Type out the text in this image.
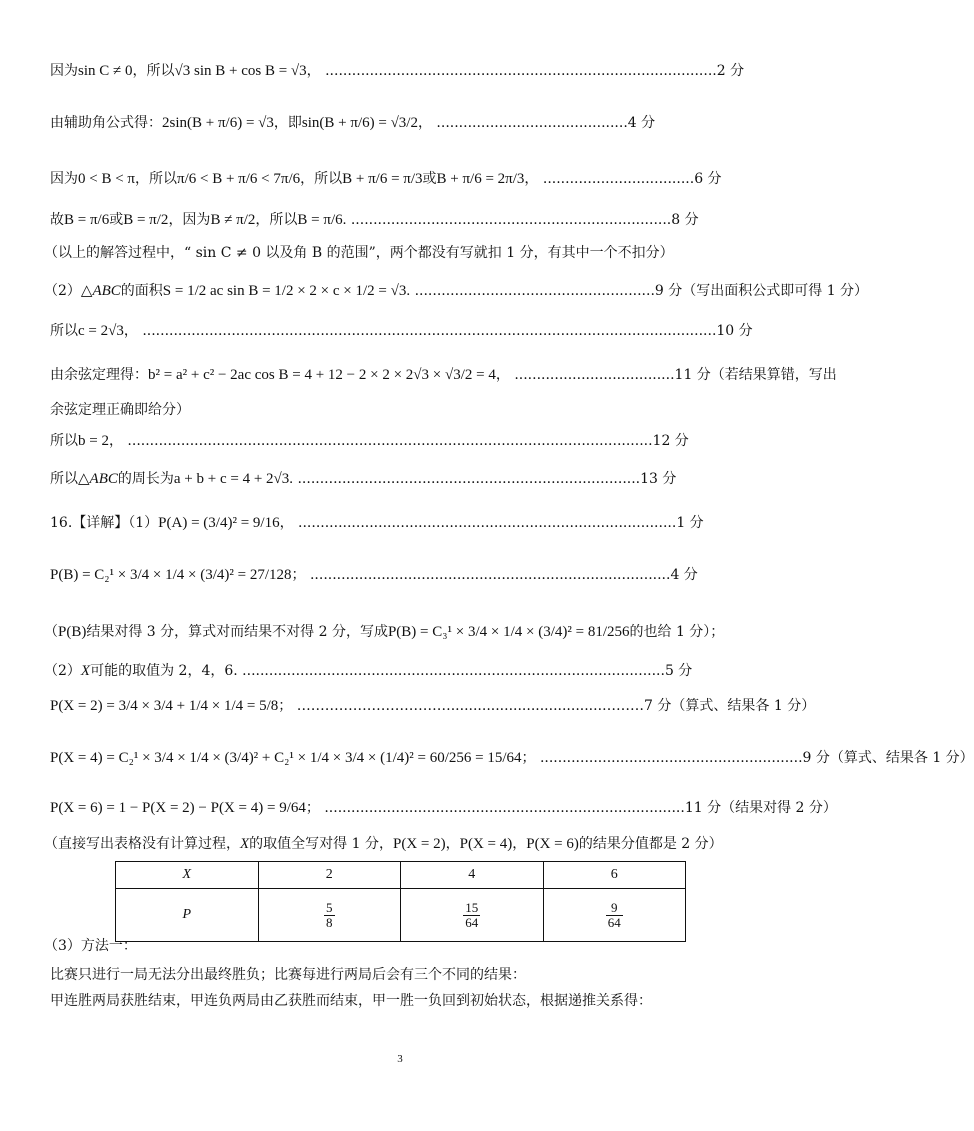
因为sin C ≠ 0，所以√3 sin B + cos B = √3， ........................................................................................2 分
由辅助角公式得：2sin(B + π/6) = √3，即sin(B + π/6) = √3/2， ...........................................4 分
因为0 < B < π，所以π/6 < B + π/6 < 7π/6，所以B + π/6 = π/3或B + π/6 = 2π/3， ..................................6 分
故B = π/6或B = π/2，因为B ≠ π/2，所以B = π/6. ........................................................................8 分
（以上的解答过程中，“ sin C ≠ 0 以及角 B 的范围”，两个都没有写就扣 1 分，有其中一个不扣分）
（2）△ABC的面积S = 1/2 ac sin B = 1/2 × 2 × c × 1/2 = √3. ......................................................9 分（写出面积公式即可得 1 分）
所以c = 2√3， .................................................................................................................................10 分
由余弦定理得：b² = a² + c² − 2ac cos B = 4 + 12 − 2 × 2 × 2√3 × √3/2 = 4， ....................................11 分（若结果算错，写出
余弦定理正确即给分）
所以b = 2， ......................................................................................................................12 分
所以△ABC的周长为a + b + c = 4 + 2√3. .............................................................................13 分
16.【详解】（1）P(A) = (3/4)² = 9/16， .....................................................................................1 分
P(B) = C₂¹ × 3/4 × 1/4 × (3/4)² = 27/128； .................................................................................4 分
（P(B)结果对得 3 分，算式对而结果不对得 2 分，写成P(B) = C₃¹ × 3/4 × 1/4 × (3/4)² = 81/256的也给 1 分）；
（2）X可能的取值为 2，4，6. ...............................................................................................5 分
P(X = 2) = 3/4 × 3/4 + 1/4 × 1/4 = 5/8； ……………………………..................................………7 分（算式、结果各 1 分）
P(X = 4) = C₂¹ × 3/4 × 1/4 × (3/4)² + C₂¹ × 1/4 × 3/4 × (1/4)² = 60/256 = 15/64； ...........................................................9 分（算式、结果各 1 分）
P(X = 6) = 1 − P(X = 2) − P(X = 4) = 9/64； .................................................................................11 分（结果对得 2 分）
（直接写出表格没有计算过程，X的取值全写对得 1 分，P(X = 2)，P(X = 4)，P(X = 6)的结果分值都是 2 分）
X	2	4	6
P	$\frac{5}{8}$	$\frac{15}{64}$	$\frac{9}{64}$
（3）方法一：
比赛只进行一局无法分出最终胜负；比赛每进行两局后会有三个不同的结果：
甲连胜两局获胜结束，甲连负两局由乙获胜而结束，甲一胜一负回到初始状态，根据递推关系得：
3
